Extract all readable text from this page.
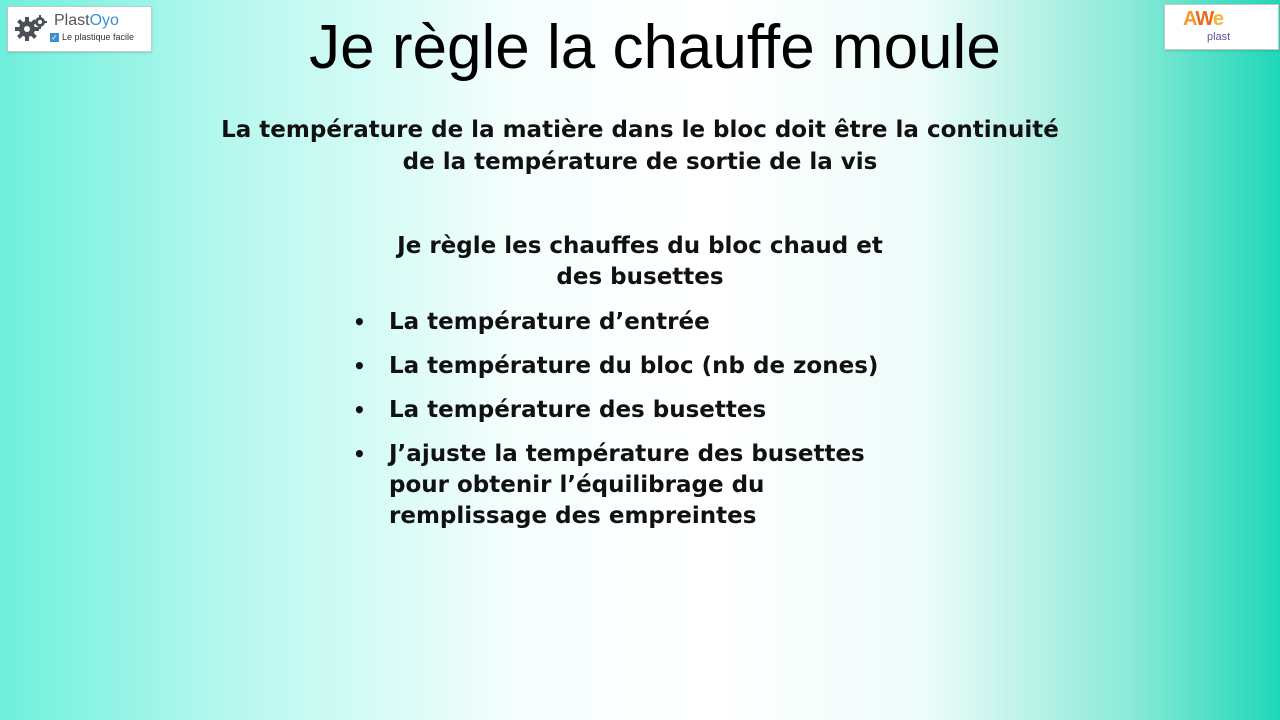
PlastOyo
✓ Le plastique facile
AWe
plast
Je règle la chauffe moule
La température de la matière dans le bloc doit être la continuité
de la température de sortie de la vis
Je règle les chauffes du bloc chaud et
des busettes
• La température d’entrée
• La température du bloc (nb de zones)
• La température des busettes
• J’ajuste la température des busettes
pour obtenir l’équilibrage du
remplissage des empreintes
